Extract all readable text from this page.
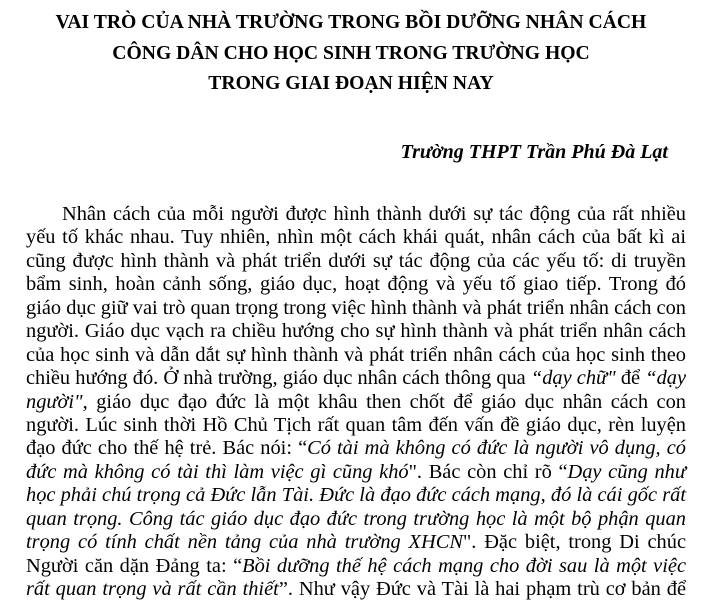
VAI TRÒ CỦA NHÀ TRƯỜNG TRONG BỒI DƯỠNG NHÂN CÁCH
CÔNG DÂN CHO HỌC SINH TRONG TRƯỜNG HỌC
TRONG GIAI ĐOẠN HIỆN NAY

Trường THPT Trần Phú Đà Lạt

Nhân cách của mỗi người được hình thành dưới sự tác động của rất nhiều
yếu tố khác nhau. Tuy nhiên, nhìn một cách khái quát, nhân cách của bất kì ai
cũng được hình thành và phát triển dưới sự tác động của các yếu tố: di truyền
bẩm sinh, hoàn cảnh sống, giáo dục, hoạt động và yếu tố giao tiếp. Trong đó
giáo dục giữ vai trò quan trọng trong việc hình thành và phát triển nhân cách con
người. Giáo dục vạch ra chiều hướng cho sự hình thành và phát triển nhân cách
của học sinh và dẫn dắt sự hình thành và phát triển nhân cách của học sinh theo
chiều hướng đó. Ở nhà trường, giáo dục nhân cách thông qua “dạy chữ" để “dạy
người", giáo dục đạo đức là một khâu then chốt để giáo dục nhân cách con
người. Lúc sinh thời Hồ Chủ Tịch rất quan tâm đến vấn đề giáo dục, rèn luyện
đạo đức cho thế hệ trẻ. Bác nói: “Có tài mà không có đức là người vô dụng, có
đức mà không có tài thì làm việc gì cũng khó". Bác còn chỉ rõ “Dạy cũng như
học phải chú trọng cả Đức lẫn Tài. Đức là đạo đức cách mạng, đó là cái gốc rất
quan trọng. Công tác giáo dục đạo đức trong trường học là một bộ phận quan
trọng có tính chất nền tảng của nhà trường XHCN". Đặc biệt, trong Di chúc
Người căn dặn Đảng ta: “Bồi dưỡng thế hệ cách mạng cho đời sau là một việc
rất quan trọng và rất cần thiết”. Như vậy Đức và Tài là hai phạm trù cơ bản để
